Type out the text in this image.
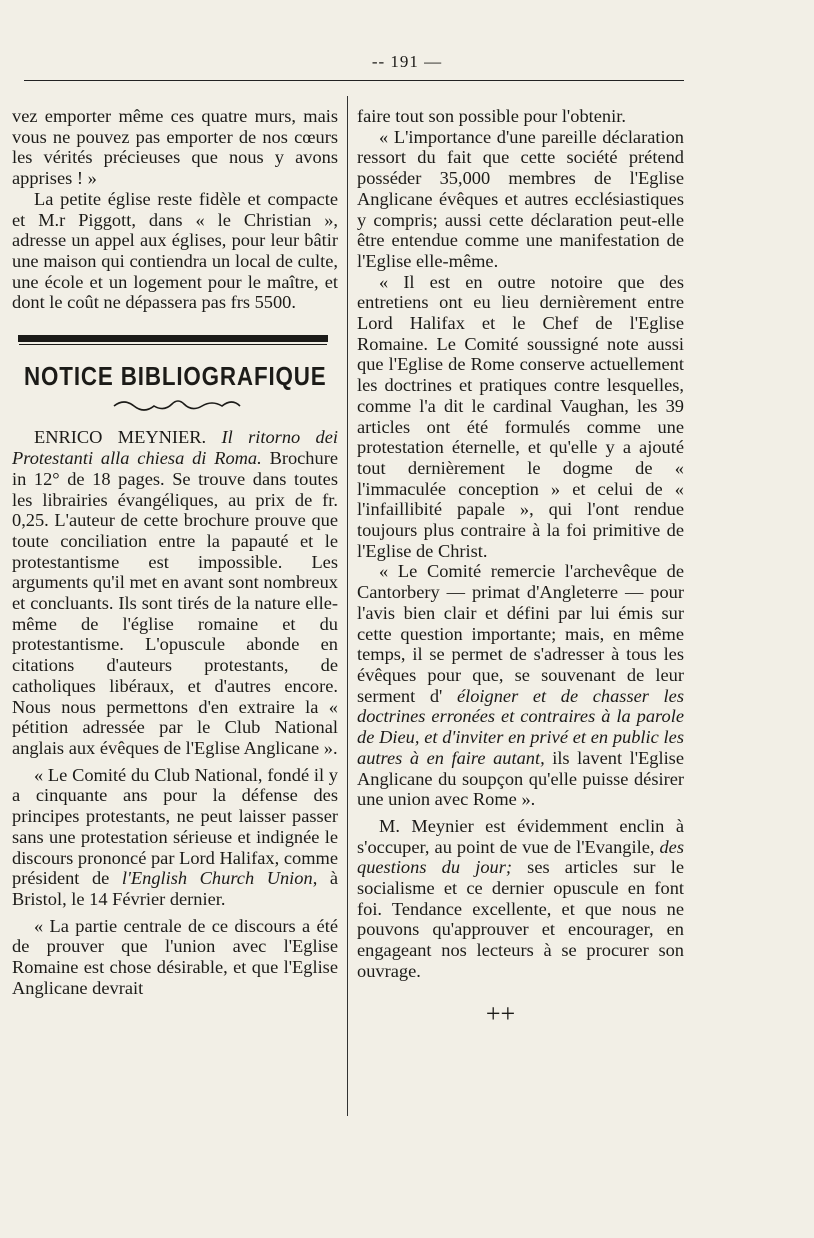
-- 191 —

vez emporter même ces quatre murs, mais vous ne pouvez pas emporter de nos cœurs les vérités précieuses que nous y avons apprises ! »

La petite église reste fidèle et compacte et M.r Piggott, dans « le Christian », adresse un appel aux églises, pour leur bâtir une maison qui contiendra un local de culte, une école et un logement pour le maître, et dont le coût ne dépassera pas frs 5500.

NOTICE BIBLIOGRAFIQUE

ENRICO MEYNIER. Il ritorno dei Protestanti alla chiesa di Roma. Brochure in 12° de 18 pages. Se trouve dans toutes les librairies évangéliques, au prix de fr. 0,25. L'auteur de cette brochure prouve que toute conciliation entre la papauté et le protestantisme est impossible. Les arguments qu'il met en avant sont nombreux et concluants. Ils sont tirés de la nature elle-même de l'église romaine et du protestantisme. L'opuscule abonde en citations d'auteurs protestants, de catholiques libéraux, et d'autres encore. Nous nous permettons d'en extraire la « pétition adressée par le Club National anglais aux évêques de l'Eglise Anglicane ».

« Le Comité du Club National, fondé il y a cinquante ans pour la défense des principes protestants, ne peut laisser passer sans une protestation sérieuse et indignée le discours prononcé par Lord Halifax, comme président de l'English Church Union, à Bristol, le 14 Février dernier.

« La partie centrale de ce discours a été de prouver que l'union avec l'Eglise Romaine est chose désirable, et que l'Eglise Anglicane devrait

faire tout son possible pour l'obtenir.

« L'importance d'une pareille déclaration ressort du fait que cette société prétend posséder 35,000 membres de l'Eglise Anglicane évêques et autres ecclésiastiques y compris; aussi cette déclaration peut-elle être entendue comme une manifestation de l'Eglise elle-même.

« Il est en outre notoire que des entretiens ont eu lieu dernièrement entre Lord Halifax et le Chef de l'Eglise Romaine. Le Comité soussigné note aussi que l'Eglise de Rome conserve actuellement les doctrines et pratiques contre lesquelles, comme l'a dit le cardinal Vaughan, les 39 articles ont été formulés comme une protestation éternelle, et qu'elle y a ajouté tout dernièrement le dogme de « l'immaculée conception » et celui de « l'infaillibité papale », qui l'ont rendue toujours plus contraire à la foi primitive de l'Eglise de Christ.

« Le Comité remercie l'archevêque de Cantorbery — primat d'Angleterre — pour l'avis bien clair et défini par lui émis sur cette question importante; mais, en même temps, il se permet de s'adresser à tous les évêques pour que, se souvenant de leur serment d' éloigner et de chasser les doctrines erronées et contraires à la parole de Dieu, et d'inviter en privé et en public les autres à en faire autant, ils lavent l'Eglise Anglicane du soupçon qu'elle puisse désirer une union avec Rome ».

M. Meynier est évidemment enclin à s'occuper, au point de vue de l'Evangile, des questions du jour; ses articles sur le socialisme et ce dernier opuscule en font foi. Tendance excellente, et que nous ne pouvons qu'approuver et encourager, en engageant nos lecteurs à se procurer son ouvrage.

++
